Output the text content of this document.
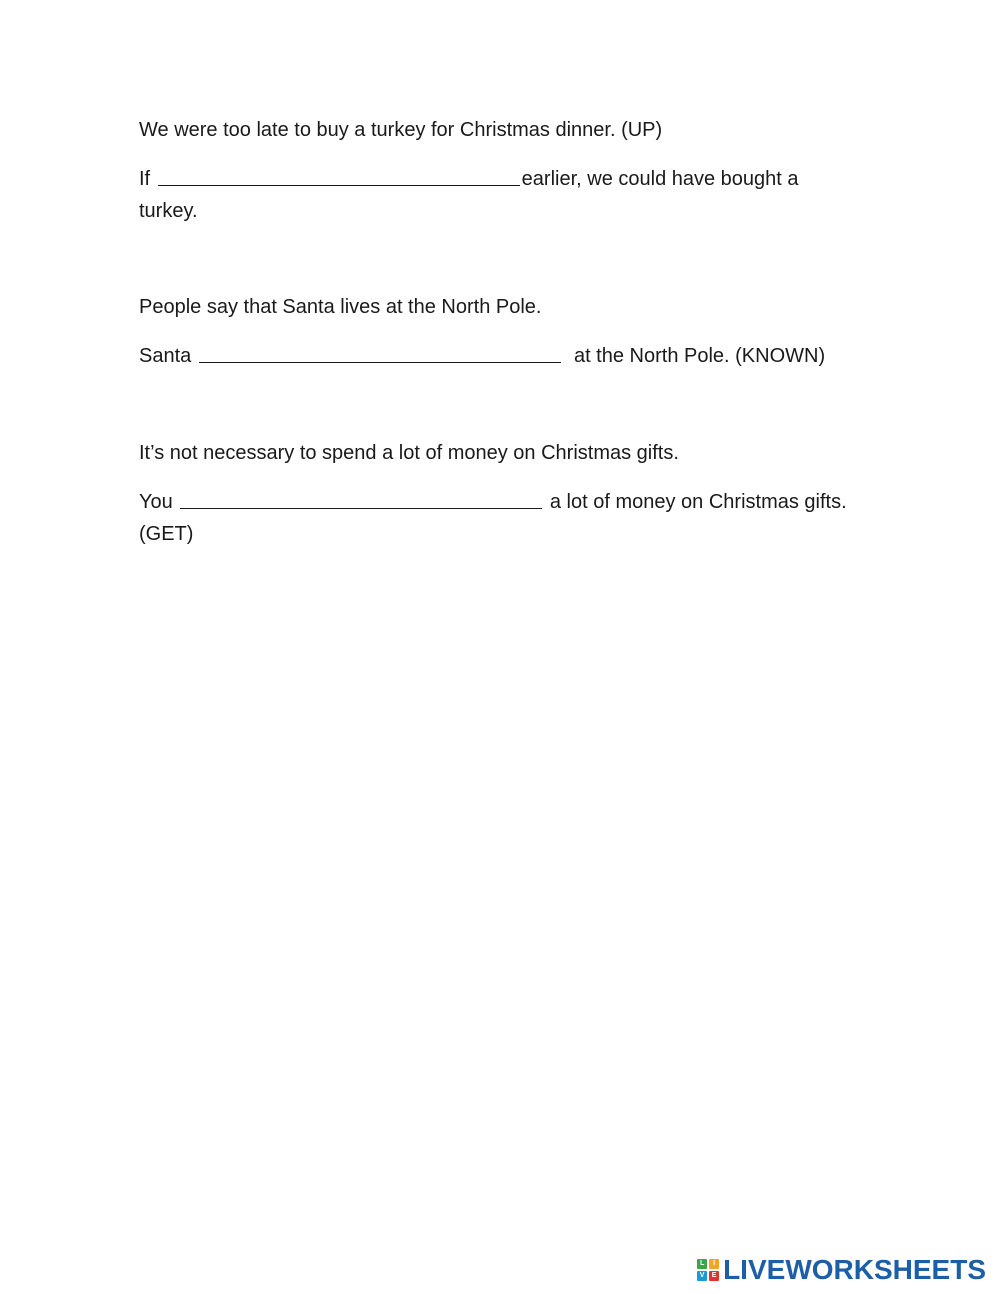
We were too late to buy a turkey for Christmas dinner. (UP)

If	earlier, we could have bought a

turkey.

People say that Santa lives at the North Pole.

Santa	at the North Pole. (KNOWN)

It’s not necessary to spend a lot of money on Christmas gifts.

You	a lot of money on Christmas gifts.

(GET)

L	I
V	E LIVEWORKSHEETS
